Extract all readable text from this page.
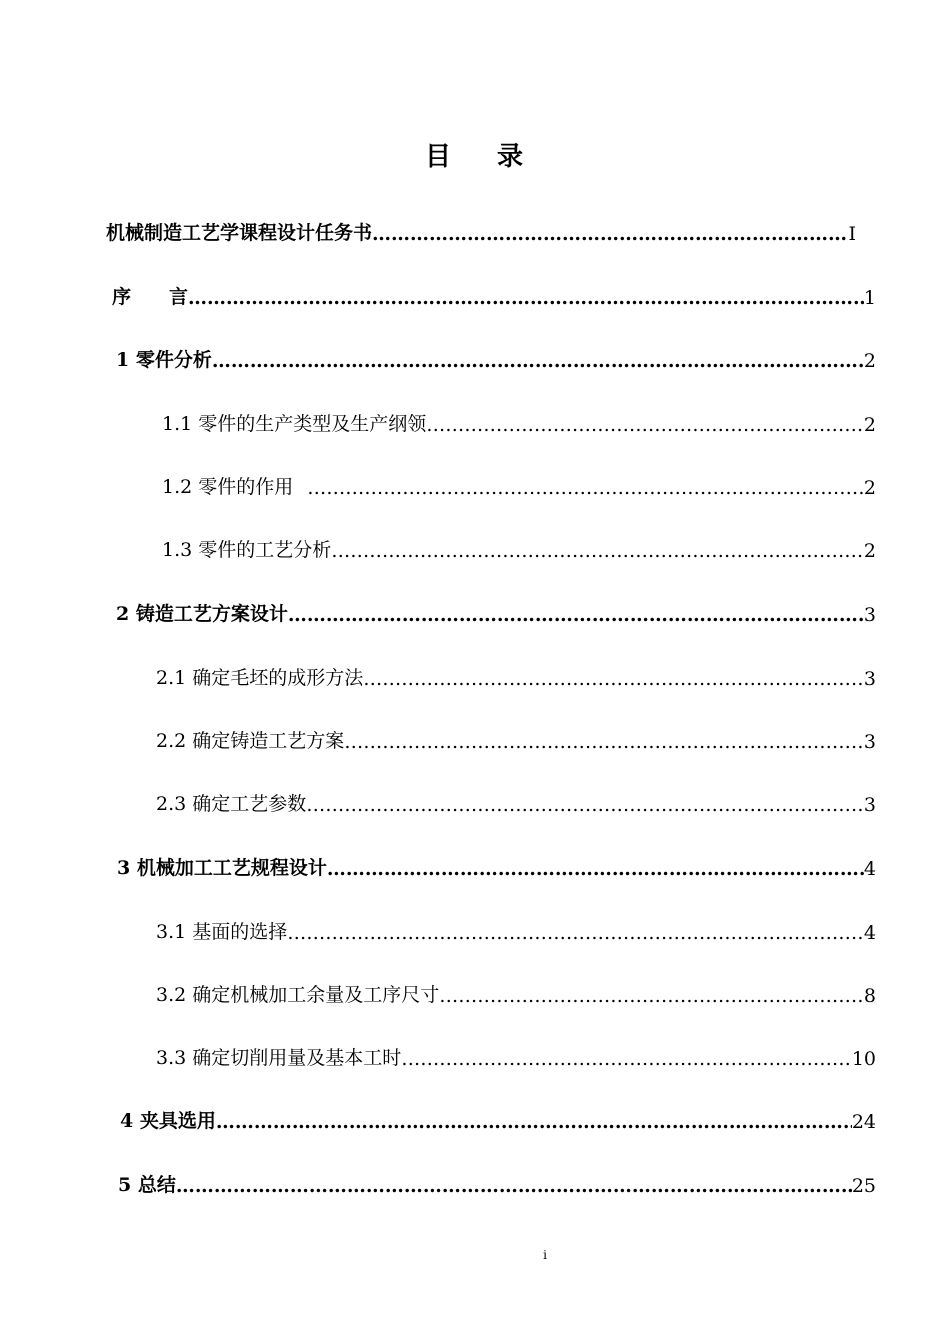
目 录
机械制造工艺学课程设计任务书 ……………………………………………………………………………………………………………………………………………………………………………	I
序 言 ……………………………………………………………………………………………………………………………………………………………………………	1
1 零件分析 ……………………………………………………………………………………………………………………………………………………………………………	2
1.1 零件的生产类型及生产纲领 ……………………………………………………………………………………………………………………………………………………………………………	2
1.2 零件的作用 ……………………………………………………………………………………………………………………………………………………………………………	2
1.3 零件的工艺分析 ……………………………………………………………………………………………………………………………………………………………………………	2
2 铸造工艺方案设计 ……………………………………………………………………………………………………………………………………………………………………………	3
2.1 确定毛坯的成形方法 ……………………………………………………………………………………………………………………………………………………………………………	3
2.2 确定铸造工艺方案 ……………………………………………………………………………………………………………………………………………………………………………	3
2.3 确定工艺参数 ……………………………………………………………………………………………………………………………………………………………………………	3
3 机械加工工艺规程设计 ……………………………………………………………………………………………………………………………………………………………………………	4
3.1 基面的选择 ……………………………………………………………………………………………………………………………………………………………………………	4
3.2 确定机械加工余量及工序尺寸 ……………………………………………………………………………………………………………………………………………………………………………	8
3.3 确定切削用量及基本工时 ……………………………………………………………………………………………………………………………………………………………………………	10
4 夹具选用 ……………………………………………………………………………………………………………………………………………………………………………	24
5 总结 ……………………………………………………………………………………………………………………………………………………………………………	25
i
